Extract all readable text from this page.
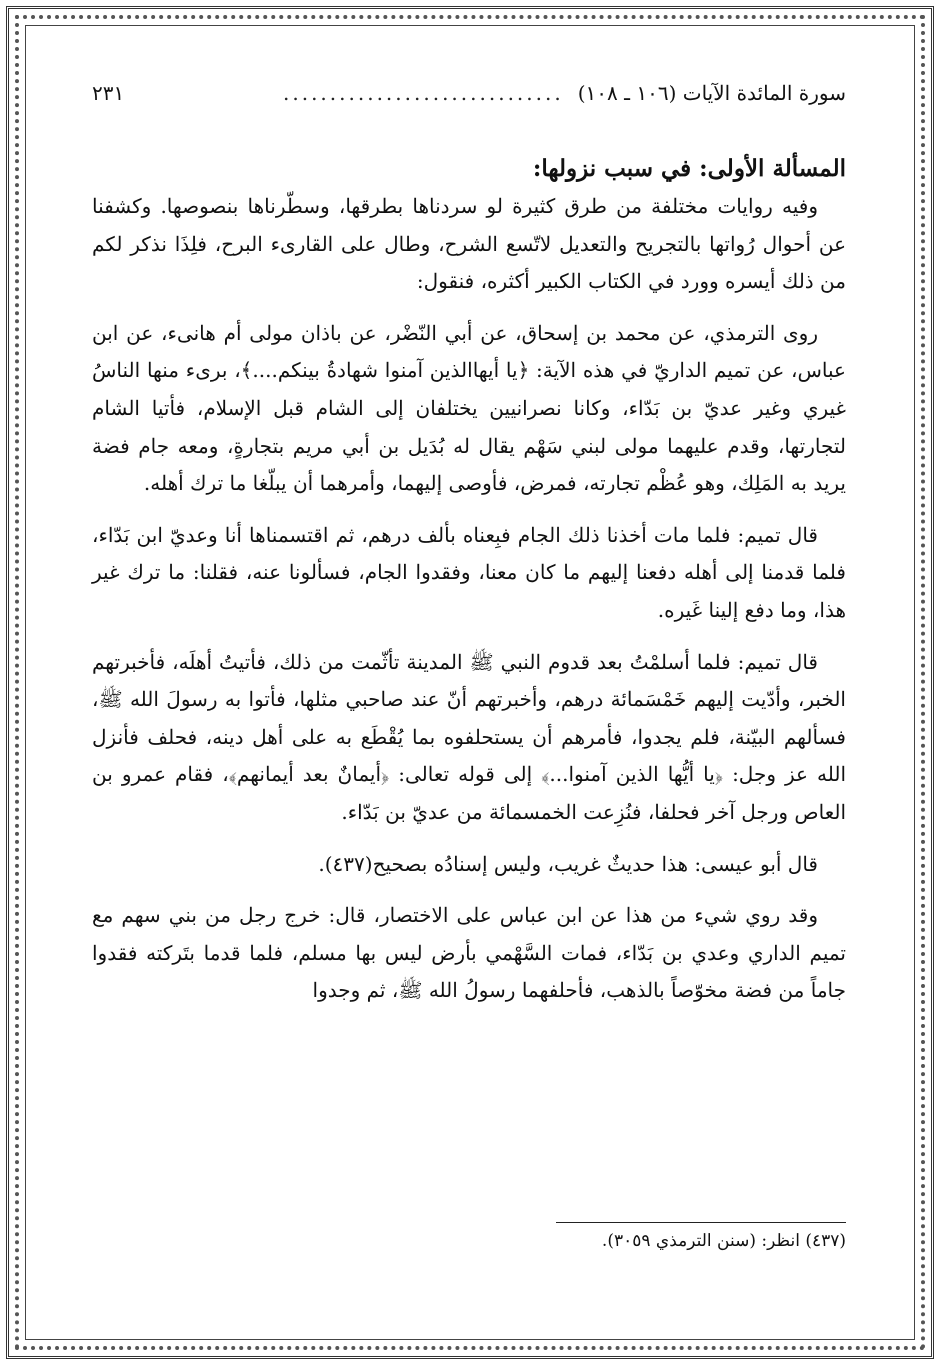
سورة المائدة الآيات (١٠٦ ـ ١٠٨)
..............................
٢٣١
المسألة الأولى: في سبب نزولها:

وفيه روايات مختلفة من طرق كثيرة لو سردناها بطرقها، وسطّرناها بنصوصها. وكشفنا عن أحوال رُواتها بالتجريح والتعديل لاتّسع الشرح، وطال على القارىء البرح، فلِذَا نذكر لكم من ذلك أيسره وورد في الكتاب الكبير أكثره، فنقول:

روى الترمذي، عن محمد بن إسحاق، عن أبي النّضْر، عن باذان مولى أم هانىء، عن ابن عباس، عن تميم الداريّ في هذه الآية: ﴿يا أيهاالذين آمنوا شهادةُ بينكم....﴾، برىء منها الناسُ غيري وغير عديّ بن بَدّاء، وكانا نصرانيين يختلفان إلى الشام قبل الإسلام، فأتيا الشام لتجارتها، وقدم عليهما مولى لبني سَهْم يقال له بُدَيل بن أبي مريم بتجارةٍ، ومعه جام فضة يريد به المَلِك، وهو عُظْم تجارته، فمرض، فأوصى إليهما، وأمرهما أن يبلّغا ما ترك أهله.

قال تميم: فلما مات أخذنا ذلك الجام فبِعناه بألف درهم، ثم اقتسمناها أنا وعديّ ابن بَدّاء، فلما قدمنا إلى أهله دفعنا إليهم ما كان معنا، وفقدوا الجام، فسألونا عنه، فقلنا: ما ترك غير هذا، وما دفع إلينا غَيره.

قال تميم: فلما أسلمْتُ بعد قدوم النبي ﷺ المدينة تأثّمت من ذلك، فأتيتُ أهلَه، فأخبرتهم الخبر، وأدّيت إليهم خَمْسَمائة درهم، وأخبرتهم أنّ عند صاحبي مثلها، فأتوا به رسولَ الله ﷺ، فسألهم البيّنة، فلم يجدوا، فأمرهم أن يستحلفوه بما يُقْطَع به على أهل دينه، فحلف فأنزل الله عز وجل: ﴿يا أيُّها الذين آمنوا...﴾ إلى قوله تعالى: ﴿أيمانٌ بعد أيمانهم﴾، فقام عمرو بن العاص ورجل آخر فحلفا، فنُزِعت الخمسمائة من عديّ بن بَدّاء.

قال أبو عيسى: هذا حديثٌ غريب، وليس إسنادُه بصحيح(٤٣٧).

وقد روي شيء من هذا عن ابن عباس على الاختصار، قال: خرج رجل من بني سهم مع تميم الداري وعدي بن بَدّاء، فمات السَّهْمي بأرض ليس بها مسلم، فلما قدما بتَركته فقدوا جاماً من فضة مخوّصاً بالذهب، فأحلفهما رسولُ الله ﷺ، ثم وجدوا

(٤٣٧) انظر: (سنن الترمذي ٣٠٥٩).
